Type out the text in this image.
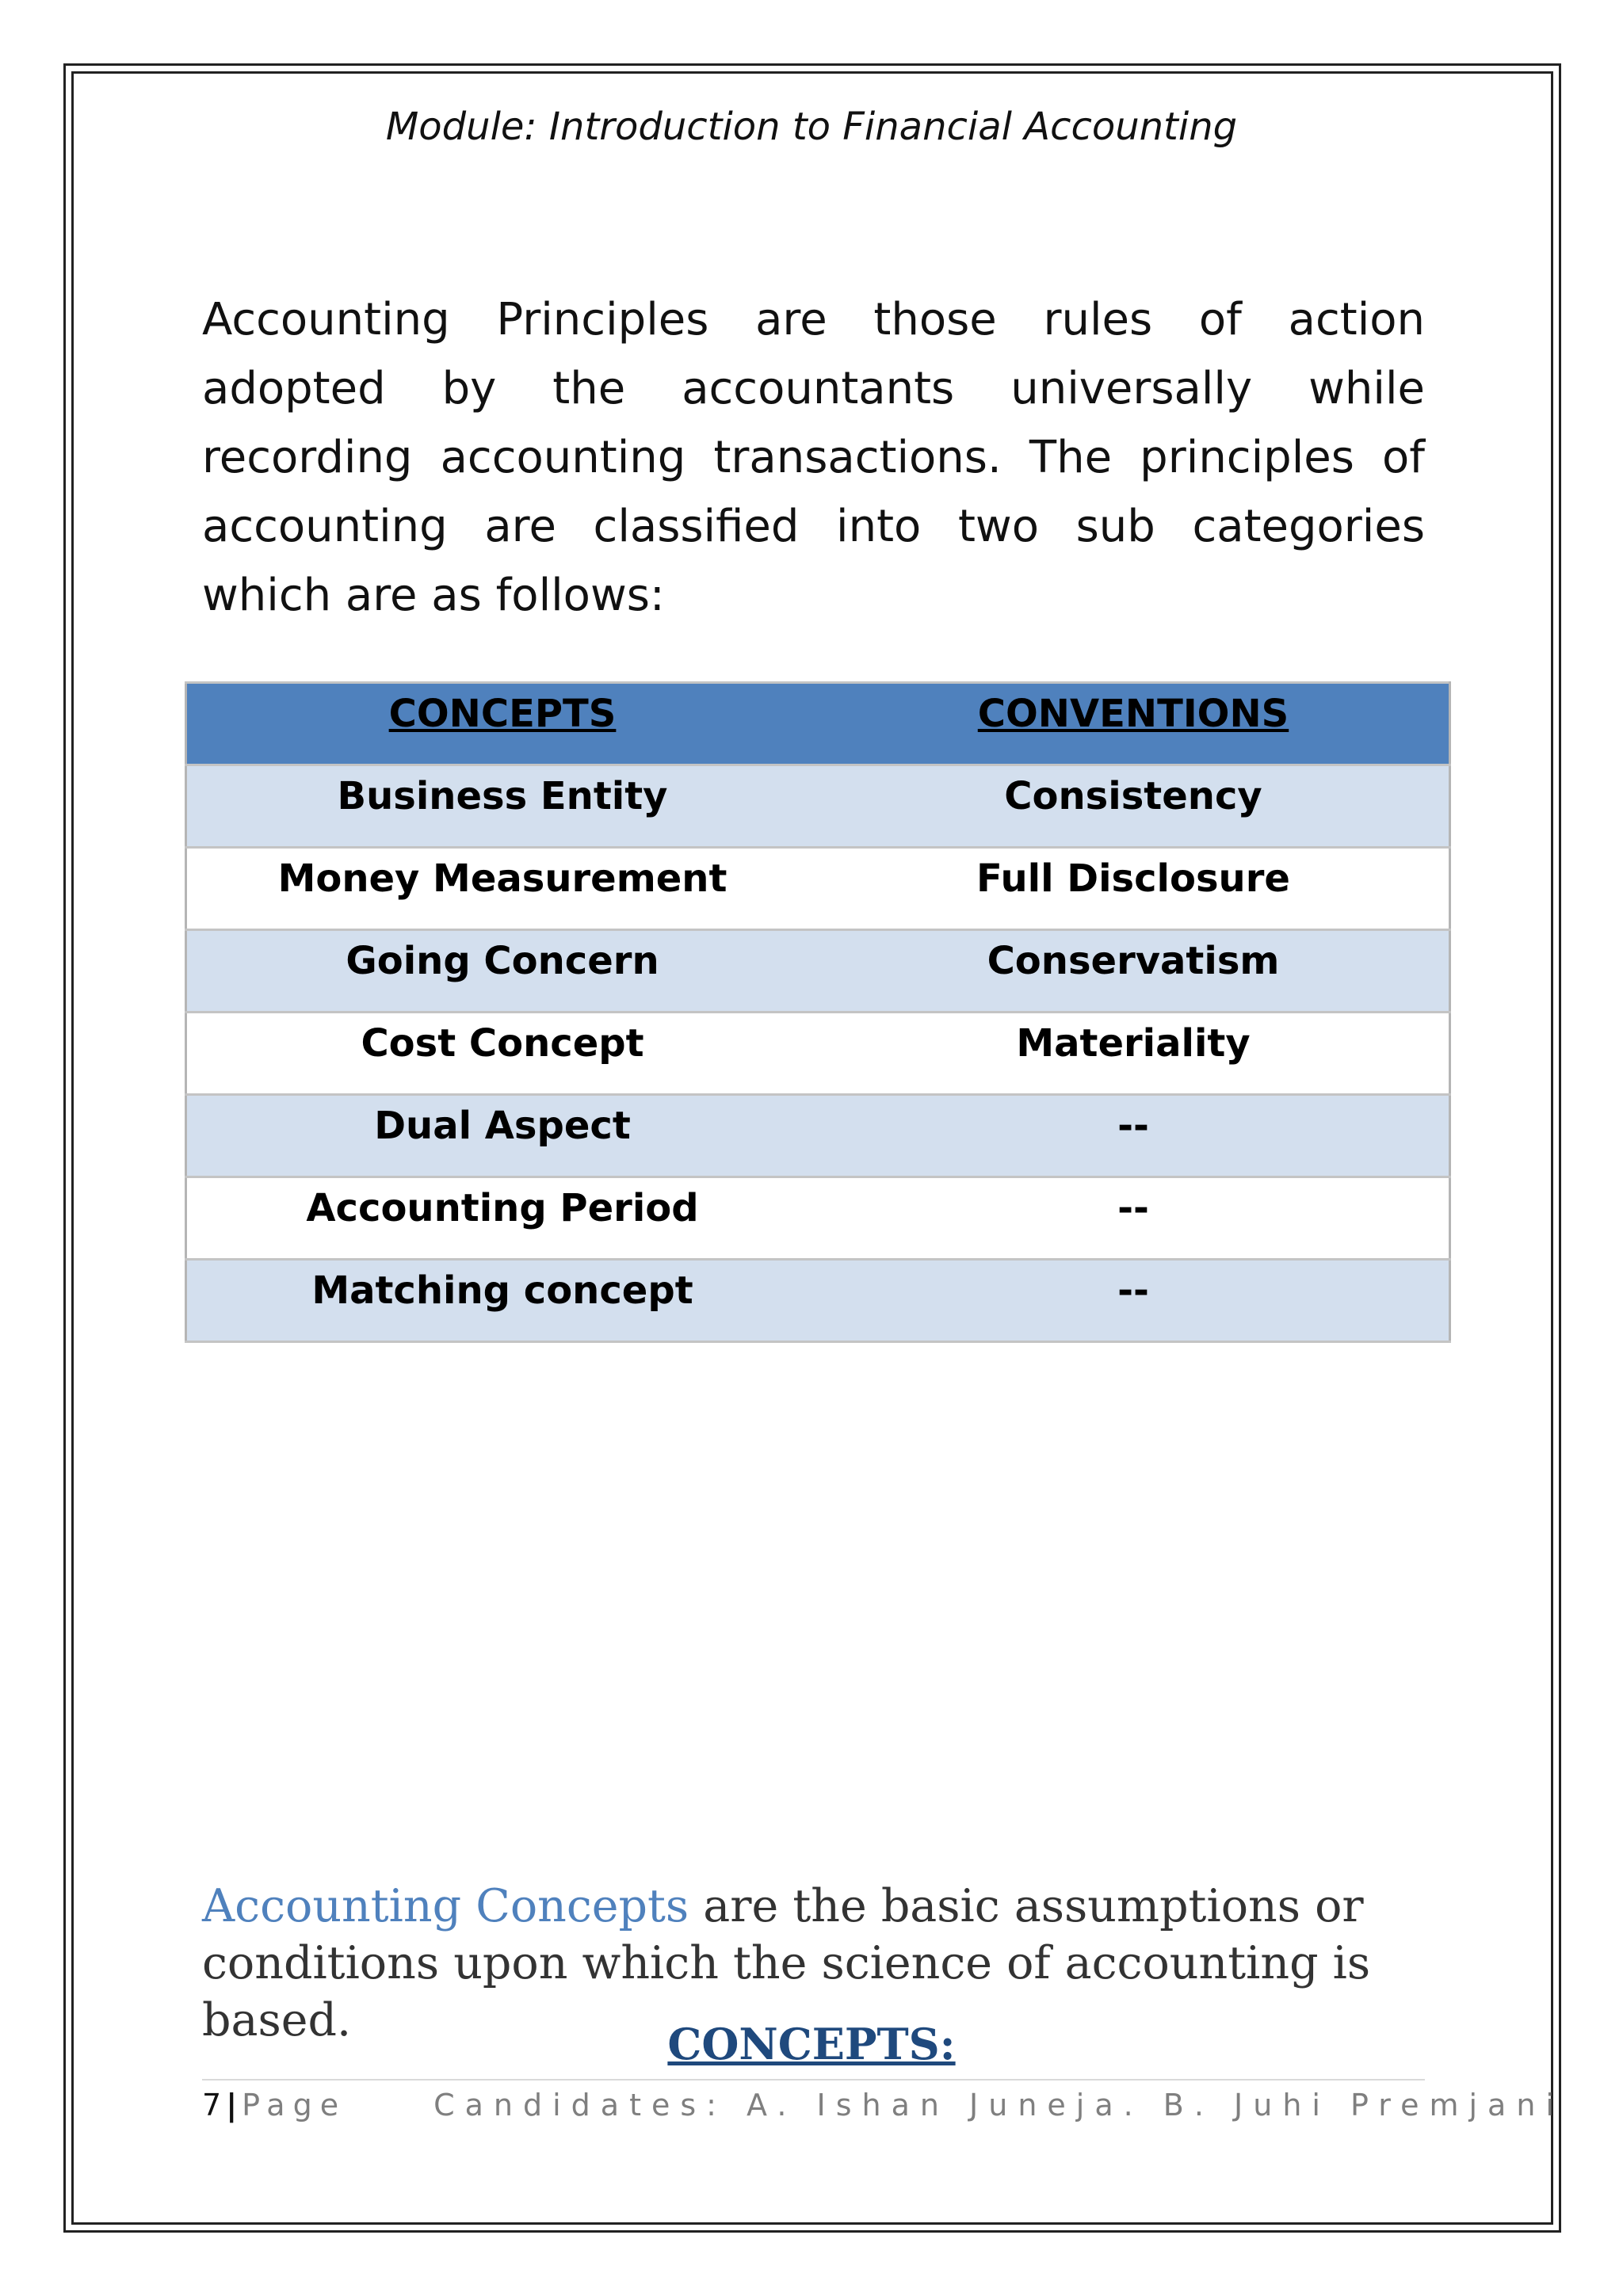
Module: Introduction to Financial Accounting

Accounting Principles are those rules of action adopted by the accountants universally while recording accounting transactions. The principles of accounting are classified into two sub categories which are as follows:

CONCEPTS	CONVENTIONS
Business Entity	Consistency
Money Measurement	Full Disclosure
Going Concern	Conservatism
Cost Concept	Materiality
Dual Aspect	--
Accounting Period	--
Matching concept	--

Accounting Concepts are the basic assumptions or conditions upon which the science of accounting is based.	CONCEPTS:
7 | Page	Candidates: A. Ishan Juneja. B. Juhi Premjani
